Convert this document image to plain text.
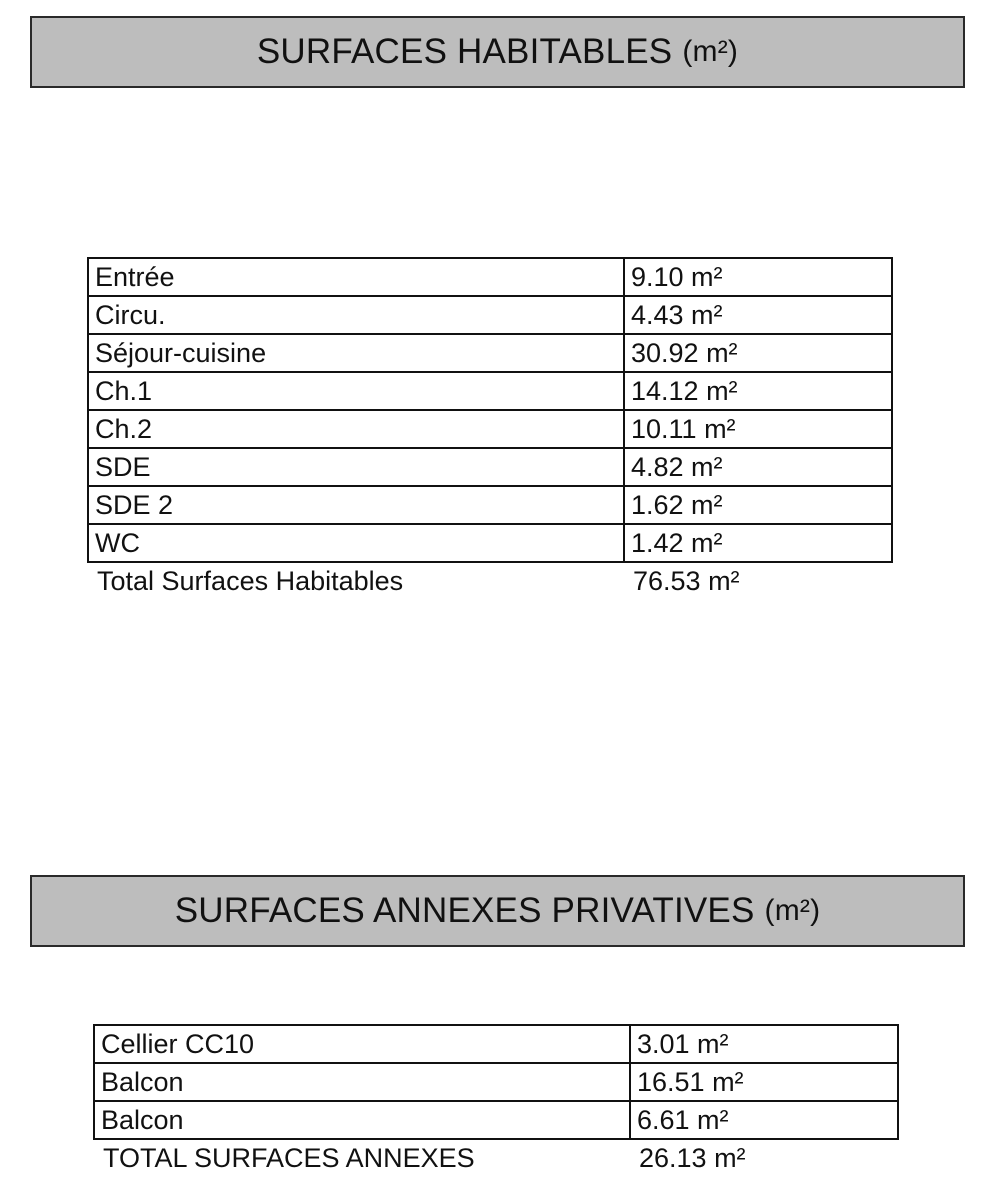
SURFACES HABITABLES (m²)
Entrée	9.10 m²
Circu.	4.43 m²
Séjour-cuisine	30.92 m²
Ch.1	14.12 m²
Ch.2	10.11 m²
SDE	4.82 m²
SDE 2	1.62 m²
WC	1.42 m²
Total Surfaces Habitables	76.53 m²
SURFACES ANNEXES PRIVATIVES (m²)
Cellier CC10	3.01 m²
Balcon	16.51 m²
Balcon	6.61 m²
TOTAL SURFACES ANNEXES	26.13 m²
